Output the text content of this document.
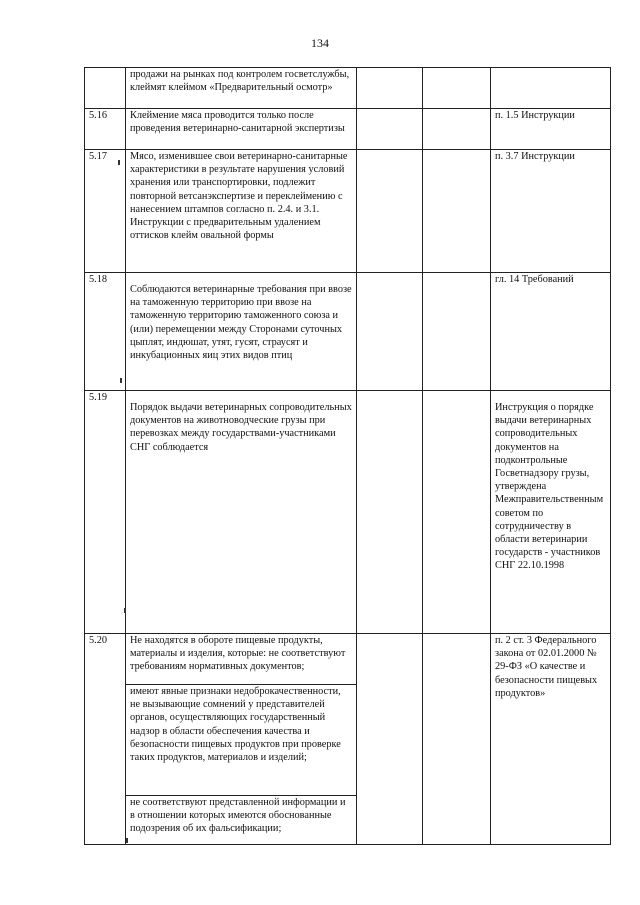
134

	продажи на рынках под контролем госветслужбы, клеймят клеймом «Предварительный осмотр»			

5.16	Клеймение мяса проводится только после проведения ветеринарно-санитарной экспертизы				п. 1.5 Инструкции

5.17	Мясо, изменившее свои ветеринарно-санитарные характеристики в результате нарушения условий хранения или транспортировки, подлежит повторной ветсанэкспертизе и переклеймению с нанесением штампов согласно п. 2.4. и 3.1. Инструкции с предварительным удалением оттисков клейм овальной формы				п. 3.7 Инструкции

5.18	Соблюдаются ветеринарные требования при ввозе на таможенную территорию при ввозе на таможенную территорию таможенного союза и (или) перемещении между Сторонами суточных цыплят, индюшат, утят, гусят, страусят и инкубационных яиц этих видов птиц				гл. 14 Требований

5.19	Порядок выдачи ветеринарных сопроводительных документов на животноводческие грузы при перевозках между государствами-участниками СНГ соблюдается				Инструкция о порядке выдачи ветеринарных сопроводительных документов на подконтрольные Госветнадзору грузы, утверждена Межправительственным советом по сотрудничеству в области ветеринарии государств - участников СНГ 22.10.1998

5.20	Не находятся в обороте пищевые продукты, материалы и изделия, которые: не соответствуют требованиям нормативных документов;				п. 2 ст. 3 Федерального закона от 02.01.2000 № 29-ФЗ «О качестве и безопасности пищевых продуктов»

	имеют явные признаки недоброкачественности, не вызывающие сомнений у представителей органов, осуществляющих государственный надзор в области обеспечения качества и безопасности пищевых продуктов при проверке таких продуктов, материалов и изделий;			

	не соответствуют представленной информации и в отношении которых имеются обоснованные подозрения об их фальсификации;			
